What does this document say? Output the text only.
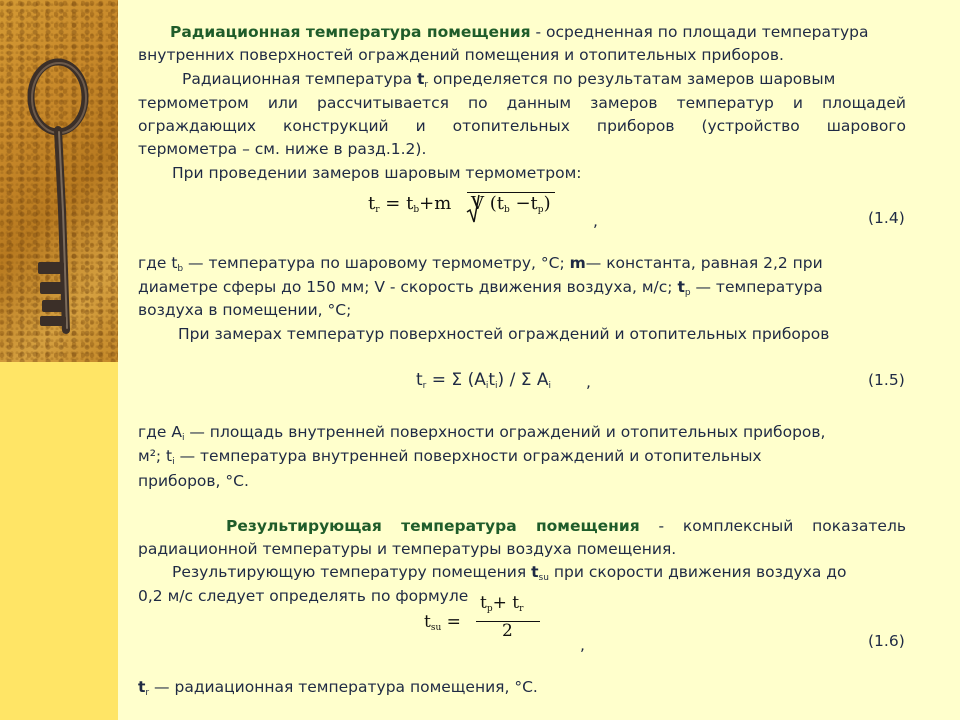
Радиационная температура помещения - осредненная по площади температура
внутренних поверхностей ограждений помещения и отопительных приборов.
Радиационная температура $t_r$ определяется по результатам замеров шаровым
термометром или рассчитывается по данным замеров температур и площадей
ограждающих конструкций и отопительных приборов (устройство шарового
термометра – см. ниже в разд.1.2).
При проведении замеров шаровым термометром:
$t_r = t_b+m$ V $(t_b -t_p)$
,	(1.4)
где $t_b$ — температура по шаровому термометру, °C; m— константа, равная 2,2 при
диаметре сферы до 150 мм; V - скорость движения воздуха, м/с; $t_р$ — температура
воздуха в помещении, °C;
При замерах температур поверхностей ограждений и отопительных приборов
$t_r = \Sigma$ $(A_it_i)$ / Σ $A_i$ ,	(1.5)
где $A_i$ — площадь внутренней поверхности ограждений и отопительных приборов,
м²; $t_i$ — температура внутренней поверхности ограждений и отопительных
приборов, °C.
Результирующая температура помещения - комплексный показатель
радиационной температуры и температуры воздуха помещения.
Результирующую температуру помещения $t_{su}$ при скорости движения воздуха до
0,2 м/с следует определять по формуле
$t_{su}$ =
$t_p+ t_r$
2
,	(1.6)
$t_r$ — радиационная температура помещения, °C.
